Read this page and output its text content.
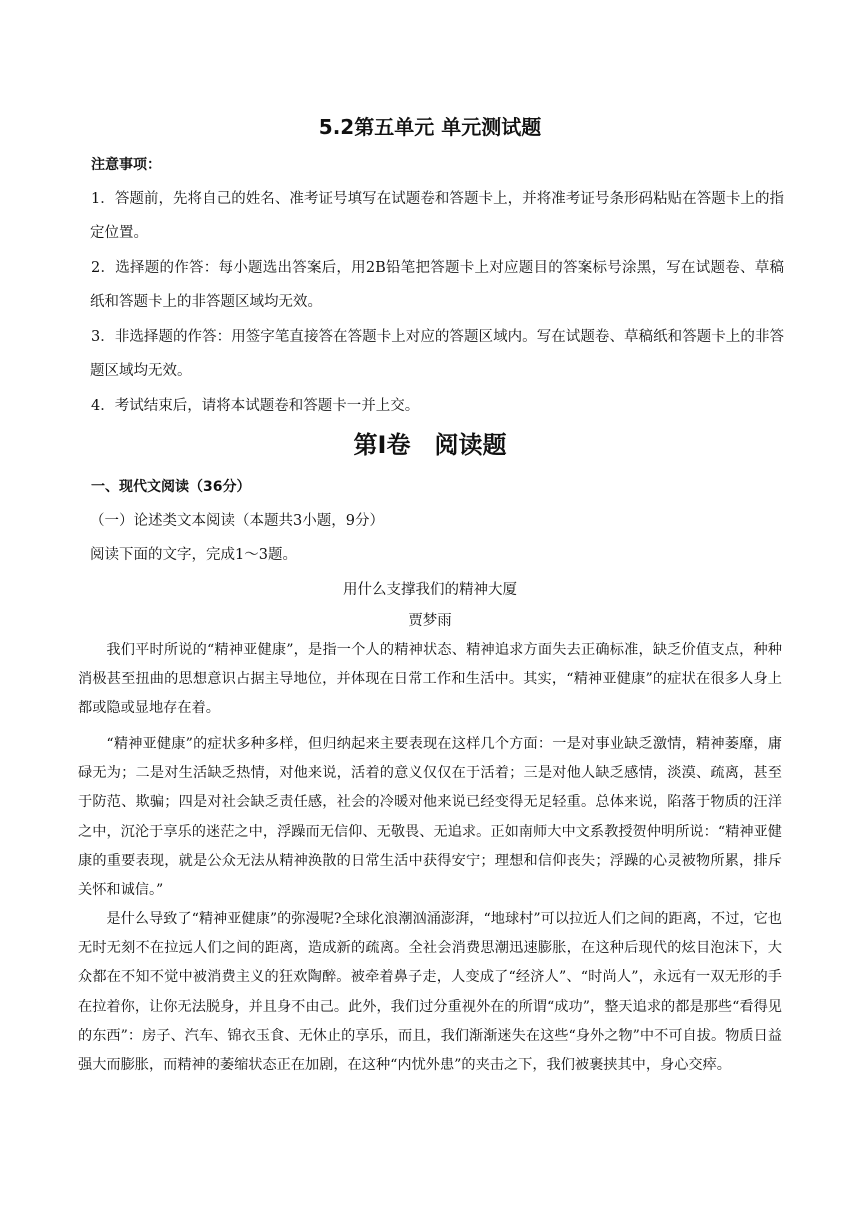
5.2第五单元 单元测试题
注意事项：

1．答题前，先将自己的姓名、准考证号填写在试题卷和答题卡上，并将准考证号条形码粘贴在答题卡上的指定位置。

2．选择题的作答：每小题选出答案后，用2B铅笔把答题卡上对应题目的答案标号涂黑，写在试题卷、草稿纸和答题卡上的非答题区域均无效。

3．非选择题的作答：用签字笔直接答在答题卡上对应的答题区域内。写在试题卷、草稿纸和答题卡上的非答题区域均无效。

4．考试结束后，请将本试题卷和答题卡一并上交。

第Ⅰ卷　阅读题
一、现代文阅读（36分）
（一）论述类文本阅读（本题共3小题，9分）
阅读下面的文字，完成1～3题。
用什么支撑我们的精神大厦
贾梦雨

我们平时所说的“精神亚健康”，是指一个人的精神状态、精神追求方面失去正确标准，缺乏价值支点，种种消极甚至扭曲的思想意识占据主导地位，并体现在日常工作和生活中。其实，“精神亚健康”的症状在很多人身上都或隐或显地存在着。

“精神亚健康”的症状多种多样，但归纳起来主要表现在这样几个方面：一是对事业缺乏激情，精神萎靡，庸碌无为；二是对生活缺乏热情，对他来说，活着的意义仅仅在于活着；三是对他人缺乏感情，淡漠、疏离，甚至于防范、欺骗；四是对社会缺乏责任感，社会的冷暖对他来说已经变得无足轻重。总体来说，陷落于物质的汪洋之中，沉沦于享乐的迷茫之中，浮躁而无信仰、无敬畏、无追求。正如南师大中文系教授贺仲明所说：“精神亚健康的重要表现，就是公众无法从精神涣散的日常生活中获得安宁；理想和信仰丧失；浮躁的心灵被物所累，排斥关怀和诚信。”

是什么导致了“精神亚健康”的弥漫呢?全球化浪潮汹涌澎湃，“地球村”可以拉近人们之间的距离，不过，它也无时无刻不在拉远人们之间的距离，造成新的疏离。全社会消费思潮迅速膨胀，在这种后现代的炫目泡沫下，大众都在不知不觉中被消费主义的狂欢陶醉。被牵着鼻子走，人变成了“经济人”、“时尚人”，永远有一双无形的手在拉着你，让你无法脱身，并且身不由己。此外，我们过分重视外在的所谓“成功”，整天追求的都是那些“看得见的东西”：房子、汽车、锦衣玉食、无休止的享乐，而且，我们渐渐迷失在这些“身外之物”中不可自拔。物质日益强大而膨胀，而精神的萎缩状态正在加剧，在这种“内忧外患”的夹击之下，我们被裹挟其中，身心交瘁。
